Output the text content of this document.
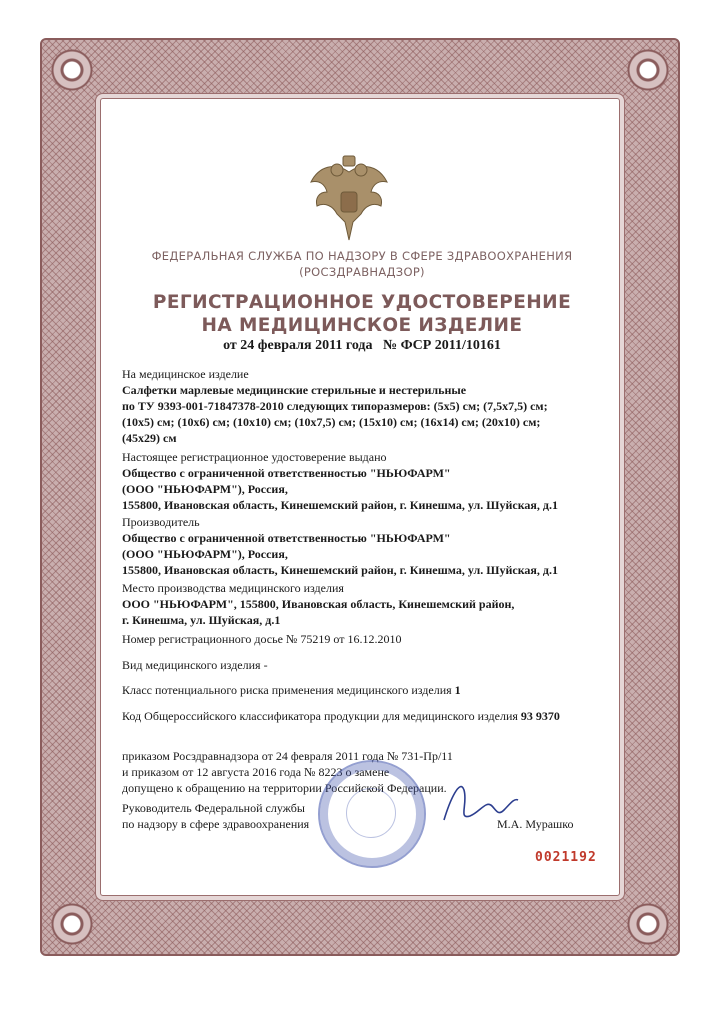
ФЕДЕРАЛЬНАЯ СЛУЖБА ПО НАДЗОРУ В СФЕРЕ ЗДРАВООХРАНЕНИЯ
(РОСЗДРАВНАДЗОР)
РЕГИСТРАЦИОННОЕ УДОСТОВЕРЕНИЕ
НА МЕДИЦИНСКОЕ ИЗДЕЛИЕ
от 24 февраля 2011 года № ФСР 2011/10161
На медицинское изделие
Салфетки марлевые медицинские стерильные и нестерильные
по ТУ 9393-001-71847378-2010 следующих типоразмеров: (5x5) см; (7,5x7,5) см;
(10x5) см; (10x6) см; (10x10) см; (10x7,5) см; (15x10) см; (16x14) см; (20x10) см;
(45x29) см
Настоящее регистрационное удостоверение выдано
Общество с ограниченной ответственностью "НЬЮФАРМ"
(ООО "НЬЮФАРМ"), Россия,
155800, Ивановская область, Кинешемский район, г. Кинешма, ул. Шуйская, д.1
Производитель
Общество с ограниченной ответственностью "НЬЮФАРМ"
(ООО "НЬЮФАРМ"), Россия,
155800, Ивановская область, Кинешемский район, г. Кинешма, ул. Шуйская, д.1
Место производства медицинского изделия
ООО "НЬЮФАРМ", 155800, Ивановская область, Кинешемский район,
г. Кинешма, ул. Шуйская, д.1
Номер регистрационного досье № 75219 от 16.12.2010
Вид медицинского изделия -
Класс потенциального риска применения медицинского изделия 1
Код Общероссийского классификатора продукции для медицинского изделия 93 9370
приказом Росздравнадзора от 24 февраля 2011 года № 731-Пр/11
и приказом от 12 августа 2016 года № 8223 о замене
допущено к обращению на территории Российской Федерации.
Руководитель Федеральной службы
по надзору в сфере здравоохранения	М.А. Мурашко
0021192
